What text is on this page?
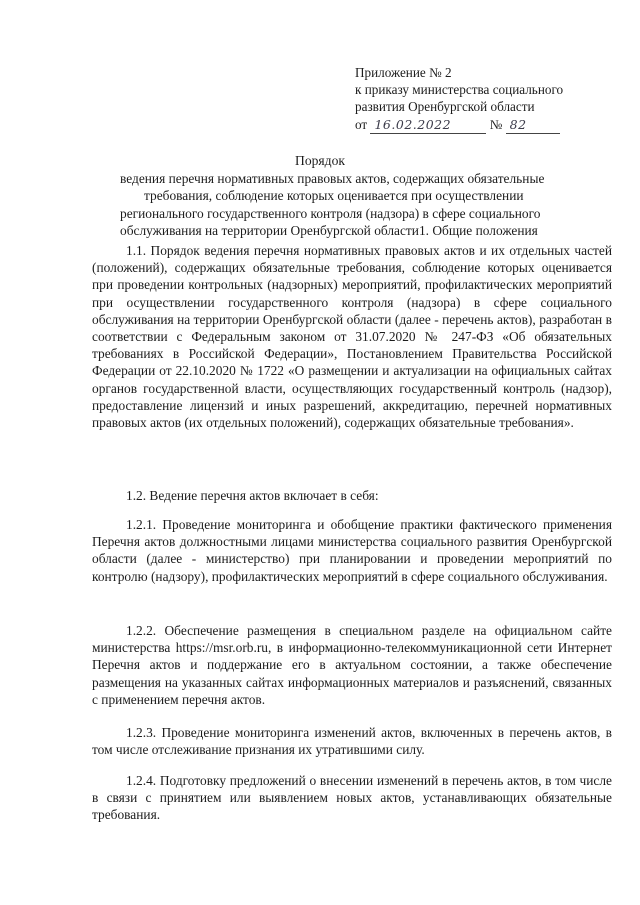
Приложение № 2
к приказу министерства социального
развития Оренбургской области
от 16.02.2022	№ 82
Порядок
ведения перечня нормативных правовых актов, содержащих обязательные
требования, соблюдение которых оценивается при осуществлении
регионального государственного контроля (надзора) в сфере социального
обслуживания на территории Оренбургской области1. Общие положения

1.1. Порядок ведения перечня нормативных правовых актов и их отдельных частей (положений), содержащих обязательные требования, соблюдение которых оценивается при проведении контрольных (надзорных) мероприятий, профилактических мероприятий при осуществлении государственного контроля (надзора) в сфере социального обслуживания на территории Оренбургской области (далее - перечень актов), разработан в соответствии с Федеральным законом от 31.07.2020 № 247-ФЗ «Об обязательных требованиях в Российской Федерации», Постановлением Правительства Российской Федерации от 22.10.2020 № 1722 «О размещении и актуализации на официальных сайтах органов государственной власти, осуществляющих государственный контроль (надзор), предоставление лицензий и иных разрешений, аккредитацию, перечней нормативных правовых актов (их отдельных положений), содержащих обязательные требования».

1.2. Ведение перечня актов включает в себя:

1.2.1. Проведение мониторинга и обобщение практики фактического применения Перечня актов должностными лицами министерства социального развития Оренбургской области (далее - министерство) при планировании и проведении мероприятий по контролю (надзору), профилактических мероприятий в сфере социального обслуживания.

1.2.2. Обеспечение размещения в специальном разделе на официальном сайте министерства https://msr.orb.ru, в информационно-телекоммуникационной сети Интернет Перечня актов и поддержание его в актуальном состоянии, а также обеспечение размещения на указанных сайтах информационных материалов и разъяснений, связанных с применением перечня актов.

1.2.3. Проведение мониторинга изменений актов, включенных в перечень актов, в том числе отслеживание признания их утратившими силу.

1.2.4. Подготовку предложений о внесении изменений в перечень актов, в том числе в связи с принятием или выявлением новых актов, устанавливающих обязательные требования.
